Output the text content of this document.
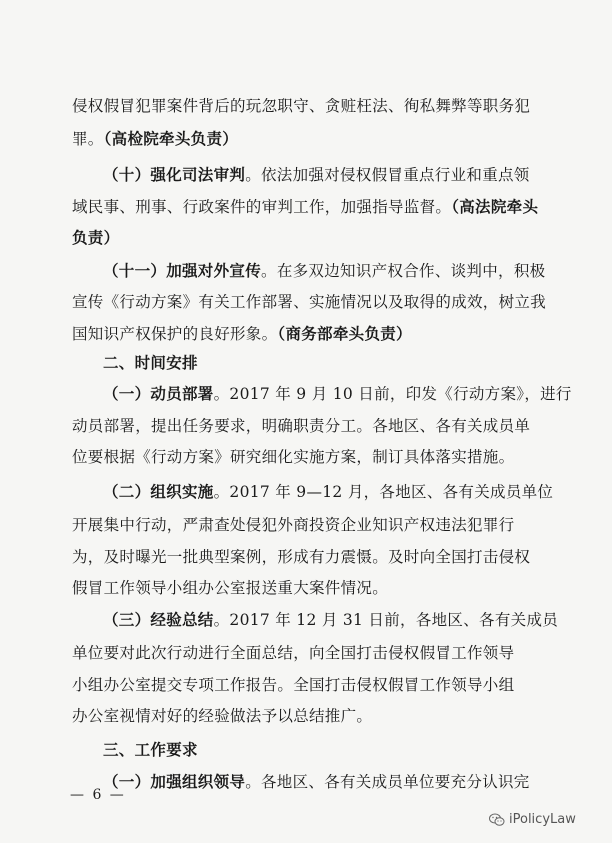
侵权假冒犯罪案件背后的玩忽职守、贪赃枉法、徇私舞弊等职务犯
罪。（高检院牵头负责）
（十）强化司法审判。依法加强对侵权假冒重点行业和重点领
域民事、刑事、行政案件的审判工作，加强指导监督。（高法院牵头
负责）
（十一）加强对外宣传。在多双边知识产权合作、谈判中，积极
宣传《行动方案》有关工作部署、实施情况以及取得的成效，树立我
国知识产权保护的良好形象。（商务部牵头负责）
二、时间安排
（一）动员部署。2017 年 9 月 10 日前，印发《行动方案》，进行
动员部署，提出任务要求，明确职责分工。各地区、各有关成员单
位要根据《行动方案》研究细化实施方案，制订具体落实措施。
（二）组织实施。2017 年 9—12 月，各地区、各有关成员单位
开展集中行动，严肃查处侵犯外商投资企业知识产权违法犯罪行
为，及时曝光一批典型案例，形成有力震慑。及时向全国打击侵权
假冒工作领导小组办公室报送重大案件情况。
（三）经验总结。2017 年 12 月 31 日前，各地区、各有关成员
单位要对此次行动进行全面总结，向全国打击侵权假冒工作领导
小组办公室提交专项工作报告。全国打击侵权假冒工作领导小组
办公室视情对好的经验做法予以总结推广。
三、工作要求
（一）加强组织领导。各地区、各有关成员单位要充分认识完
— 6 —
iPolicyLaw
